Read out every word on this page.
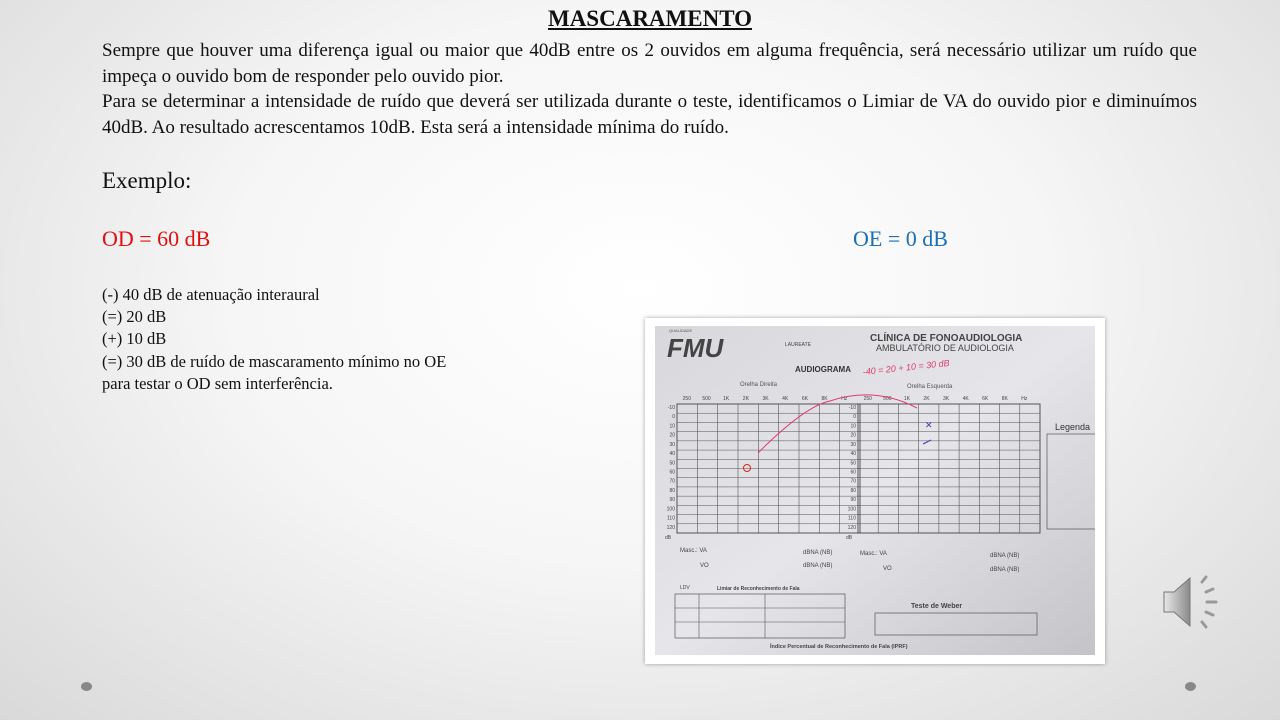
MASCARAMENTO
Sempre que houver uma diferença igual ou maior que 40dB entre os 2 ouvidos em alguma frequência, será necessário utilizar um ruído que impeça o ouvido bom de responder pelo ouvido pior.
Para se determinar a intensidade de ruído que deverá ser utilizada durante o teste, identificamos o Limiar de VA do ouvido pior e diminuímos 40dB. Ao resultado acrescentamos 10dB. Esta será a intensidade mínima do ruído.
Exemplo:
OD = 60 dB	OE = 0 dB
(-) 40 dB de atenuação interaural
(=) 20 dB
(+) 10 dB
(=) 30 dB de ruído de mascaramento mínimo no OE
para testar o OD sem interferência.
QUALIDADE
FMU	LAUREATE
CLÍNICA DE FONOAUDIOLOGIA
AMBULATÓRIO DE AUDIOLOGIA
AUDIOGRAMA -40 = 20 + 10 = 30 dB
Orelha Direita	Orelha Esquerda
-10
0
10
20
30
40
50
60
70
80
90
100
110
120
dB
250 500 1K	2K	3K	4K	6K	8K	Hz
-10
0
10
20
30
40
50
60
70
80
90
100
110
120
dB
250 500 1K	2K	3K	4K	6K	8K	Hz
✕
Masc.: VA	dBNA (NB)
VO	dBNA (NB)
Masc.: VA	dBNA (NB)
VO	dBNA (NB)
LDV	Limiar de Reconhecimento de Fala
Teste de Weber
Índice Percentual de Reconhecimento de Fala (IPRF)
Legenda
